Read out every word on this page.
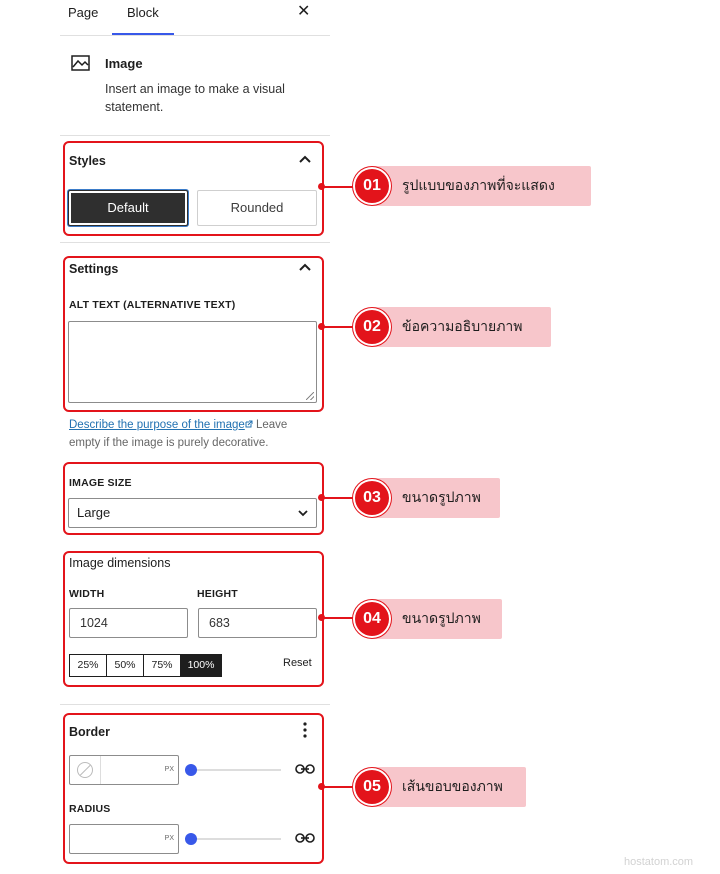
Page Block	✕
Image
Insert an image to make a visual statement.
Styles
Default	Rounded
Settings
ALT TEXT (ALTERNATIVE TEXT)
Describe the purpose of the image Leave
empty if the image is purely decorative.
IMAGE SIZE
Large
Image dimensions
WIDTH	HEIGHT
1024	683
25%	50%	75%	100%	Reset
Border
PX
RADIUS
PX
รูปแบบของภาพที่จะแสดง
01
ข้อความอธิบายภาพ
02
ขนาดรูปภาพ
03
ขนาดรูปภาพ
04
เส้นขอบของภาพ
05
hostatom.com
